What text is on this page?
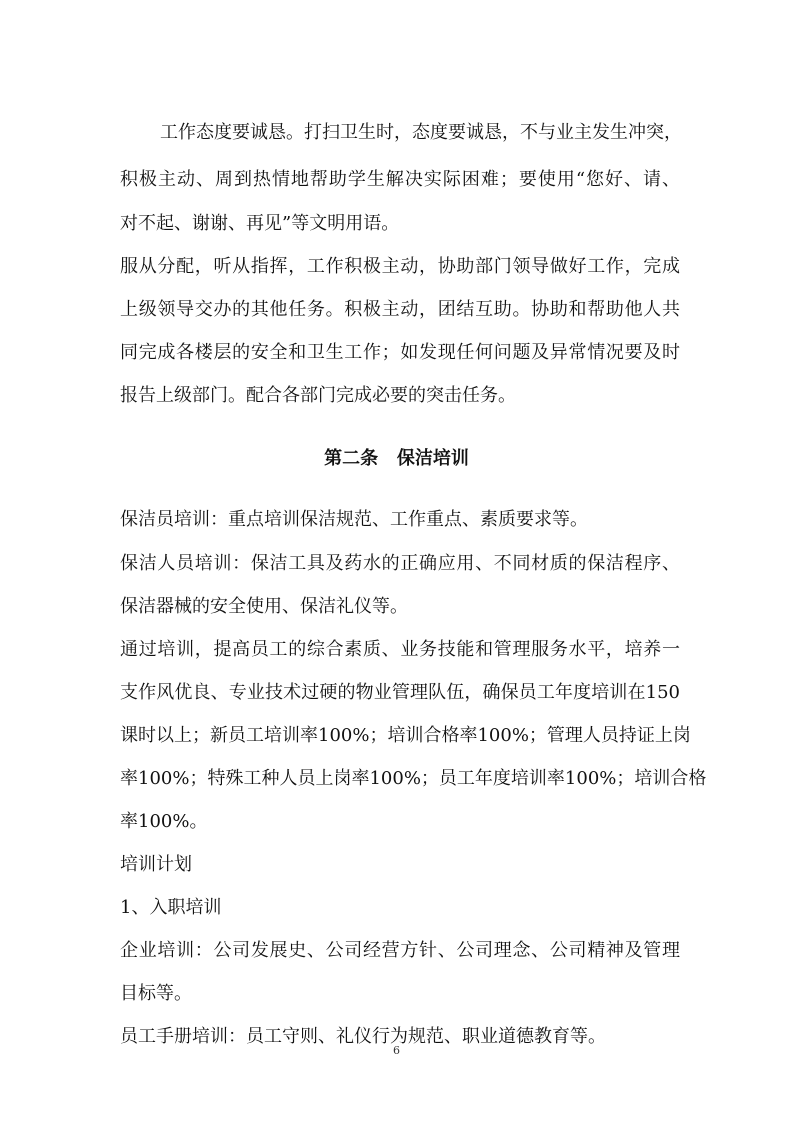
工作态度要诚恳。打扫卫生时，态度要诚恳，不与业主发生冲突，
积极主动、周到热情地帮助学生解决实际困难；要使用“您好、请、
对不起、谢谢、再见”等文明用语。
服从分配，听从指挥，工作积极主动，协助部门领导做好工作，完成
上级领导交办的其他任务。积极主动，团结互助。协助和帮助他人共
同完成各楼层的安全和卫生工作；如发现任何问题及异常情况要及时
报告上级部门。配合各部门完成必要的突击任务。
第二条   保洁培训
保洁员培训：重点培训保洁规范、工作重点、素质要求等。
保洁人员培训：保洁工具及药水的正确应用、不同材质的保洁程序、
保洁器械的安全使用、保洁礼仪等。
通过培训，提高员工的综合素质、业务技能和管理服务水平，培养一
支作风优良、专业技术过硬的物业管理队伍，确保员工年度培训在150
课时以上；新员工培训率100%；培训合格率100%；管理人员持证上岗
率100%；特殊工种人员上岗率100%；员工年度培训率100%；培训合格
率100%。
培训计划
1、入职培训
企业培训：公司发展史、公司经营方针、公司理念、公司精神及管理
目标等。
员工手册培训：员工守则、礼仪行为规范、职业道德教育等。
6
